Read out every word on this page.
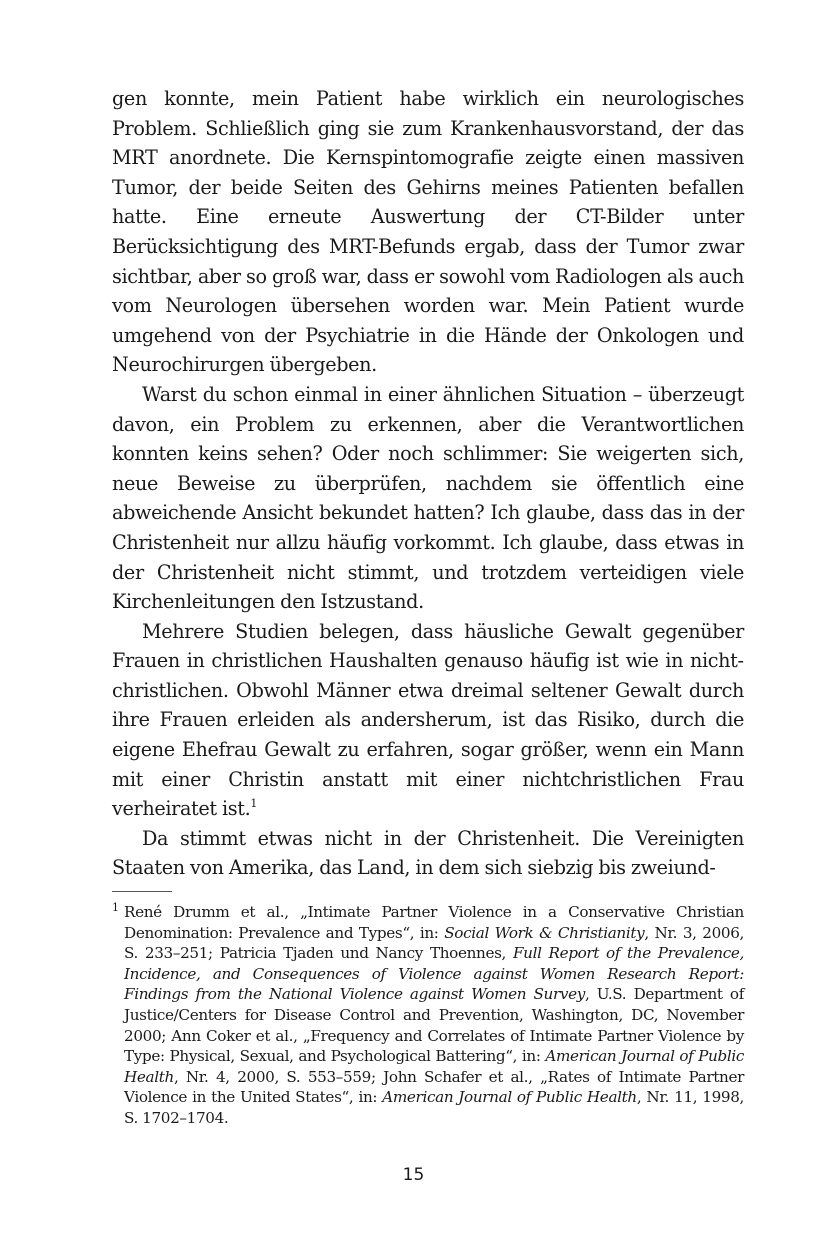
gen konnte, mein Patient habe wirklich ein neurologisches Problem. Schließlich ging sie zum Krankenhausvorstand, der das MRT anordnete. Die Kernspintomografie zeigte einen massiven Tumor, der beide Seiten des Gehirns meines Patienten befallen hatte. Eine erneute Auswertung der CT-Bilder unter Berücksichtigung des MRT-Befunds ergab, dass der Tumor zwar sichtbar, aber so groß war, dass er sowohl vom Radiologen als auch vom Neurologen übersehen worden war. Mein Patient wurde umgehend von der Psychiatrie in die Hände der Onkologen und Neurochirurgen übergeben.

Warst du schon einmal in einer ähnlichen Situation – überzeugt davon, ein Problem zu erkennen, aber die Verantwortlichen konnten keins sehen? Oder noch schlimmer: Sie weigerten sich, neue Beweise zu überprüfen, nachdem sie öffentlich eine abweichende Ansicht bekundet hatten? Ich glaube, dass das in der Christenheit nur allzu häufig vorkommt. Ich glaube, dass etwas in der Christenheit nicht stimmt, und trotzdem verteidigen viele Kirchenleitungen den Istzustand.

Mehrere Studien belegen, dass häusliche Gewalt gegenüber Frauen in christlichen Haushalten genauso häufig ist wie in nichtchristlichen. Obwohl Männer etwa dreimal seltener Gewalt durch ihre Frauen erleiden als andersherum, ist das Risiko, durch die eigene Ehefrau Gewalt zu erfahren, sogar größer, wenn ein Mann mit einer Christin anstatt mit einer nichtchristlichen Frau verheiratet ist.$^1$

Da stimmt etwas nicht in der Christenheit. Die Vereinigten Staaten von Amerika, das Land, in dem sich siebzig bis zweiund-

1 René Drumm et al., „Intimate Partner Violence in a Conservative Christian Denomination: Prevalence and Types“, in: Social Work & Christianity, Nr. 3, 2006, S. 233–251; Patricia Tjaden und Nancy Thoennes, Full Report of the Prevalence, Incidence, and Consequences of Violence against Women Research Report: Findings from the National Violence against Women Survey, U.S. Department of Justice/Centers for Disease Control and Prevention, Washington, DC, November 2000; Ann Coker et al., „Frequency and Correlates of Intimate Partner Violence by Type: Physical, Sexual, and Psychological Battering“, in: American Journal of Public Health, Nr. 4, 2000, S. 553–559; John Schafer et al., „Rates of Intimate Partner Violence in the United States“, in: American Journal of Public Health, Nr. 11, 1998, S. 1702–1704.
15
